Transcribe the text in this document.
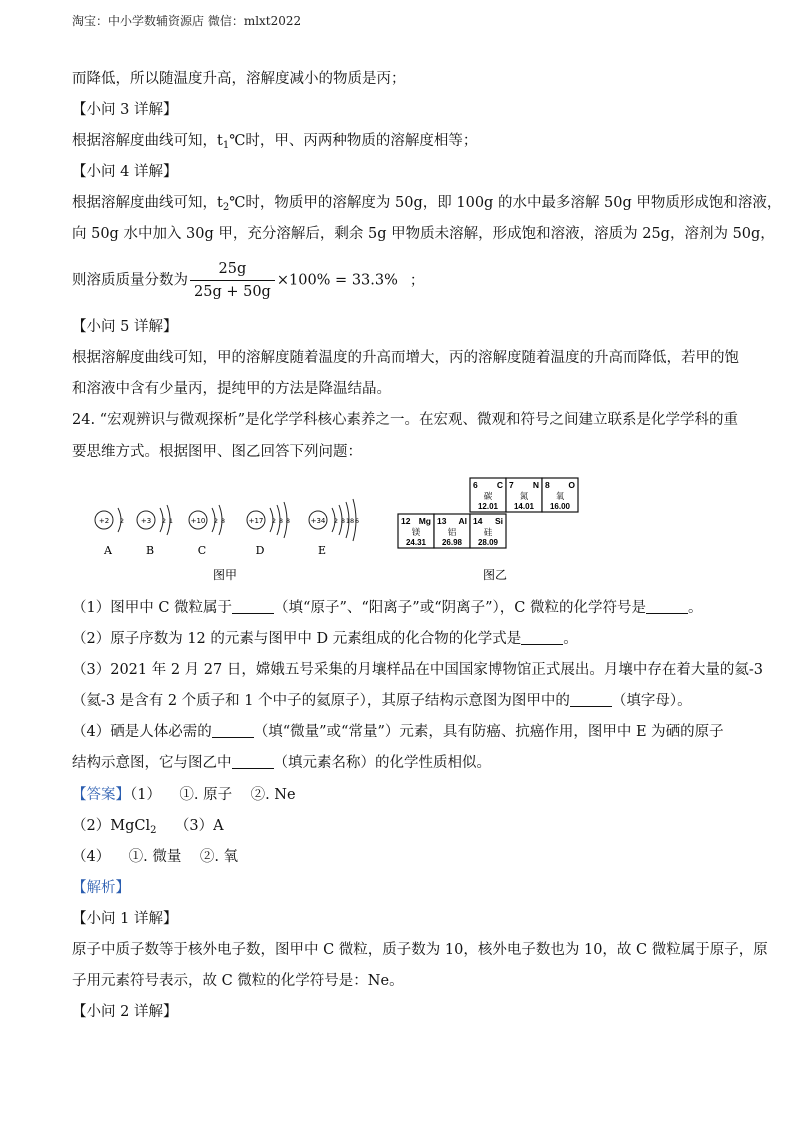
淘宝：中小学数辅资源店 微信：mlxt2022
而降低，所以随温度升高，溶解度减小的物质是丙；
【小问 3 详解】
根据溶解度曲线可知，$t_1℃$时，甲、丙两种物质的溶解度相等；
【小问 4 详解】
根据溶解度曲线可知，$t_2℃$时，物质甲的溶解度为 50g，即 100g 的水中最多溶解 50g 甲物质形成饱和溶液，
向 50g 水中加入 30g 甲，充分溶解后，剩余 5g 甲物质未溶解，形成饱和溶液，溶质为 25g，溶剂为 50g，
则溶质质量分数为 $\frac{25g}{25g + 50g} \times 100\% = 33.3\%$ ；
【小问 5 详解】
根据溶解度曲线可知，甲的溶解度随着温度的升高而增大，丙的溶解度随着温度的升高而降低，若甲的饱
和溶液中含有少量丙，提纯甲的方法是降温结晶。
24. “宏观辨识与微观探析”是化学学科核心素养之一。在宏观、微观和符号之间建立联系是化学学科的重
要思维方式。根据图甲、图乙回答下列问题：
+2 2
A
+3 2 1
B
+10 2 8
C
+17 2 8 8
D
+34 2 8 18 6
E
图甲
6 C
碳
12.01
7 N
氮
14.01
8 O
氧
16.00
12 Mg
镁
24.31
13 Al
铝
26.98
14 Si
硅
28.09
图乙
（1）图甲中 C 微粒属于	（填“原子”、“阳离子”或“阴离子”），C 微粒的化学符号是	。
（2）原子序数为 12 的元素与图甲中 D 元素组成的化合物的化学式是	。
（3）2021 年 2 月 27 日，嫦娥五号采集的月壤样品在中国国家博物馆正式展出。月壤中存在着大量的氦-3
（氦-3 是含有 2 个质子和 1 个中子的氦原子），其原子结构示意图为图甲中的	（填字母）。
（4）硒是人体必需的	（填“微量”或“常量”）元素，具有防癌、抗癌作用，图甲中 E 为硒的原子
结构示意图，它与图乙中	（填元素名称）的化学性质相似。
【答案】（1）    ①. 原子    ②. Ne
（2）MgCl$_2$    （3）A
（4）    ①. 微量    ②. 氧
【解析】
【小问 1 详解】
原子中质子数等于核外电子数，图甲中 C 微粒，质子数为 10，核外电子数也为 10，故 C 微粒属于原子，原
子用元素符号表示，故 C 微粒的化学符号是：Ne。
【小问 2 详解】
